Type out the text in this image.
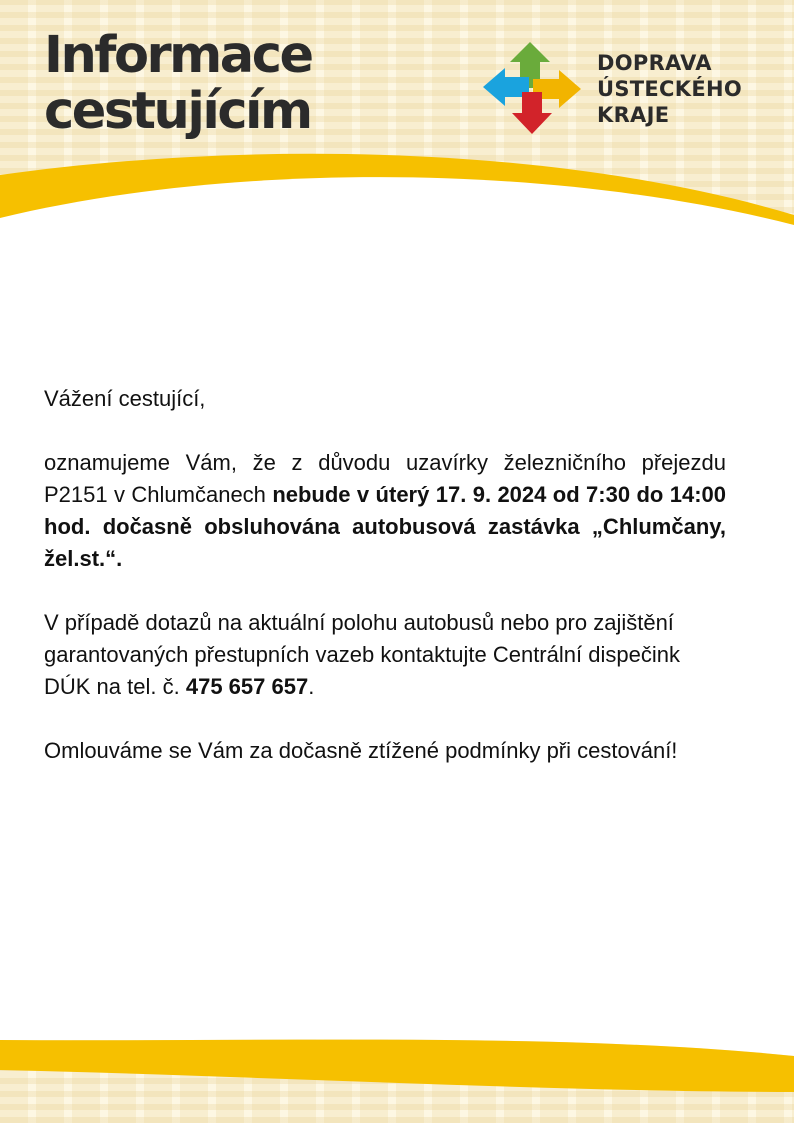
Informace
cestujícím
DOPRAVA
ÚSTECKÉHO
KRAJE

Vážení cestující,

oznamujeme Vám, že z důvodu uzavírky železničního přejezdu P2151 v Chlumčanech nebude v úterý 17. 9. 2024 od 7:30 do 14:00 hod. dočasně obsluhována autobusová zastávka „Chlumčany, žel.st.“.

V případě dotazů na aktuální polohu autobusů nebo pro zajištění garantovaných přestupních vazeb kontaktujte Centrální dispečink DÚK na tel. č. 475 657 657.

Omlouváme se Vám za dočasně ztížené podmínky při cestování!
